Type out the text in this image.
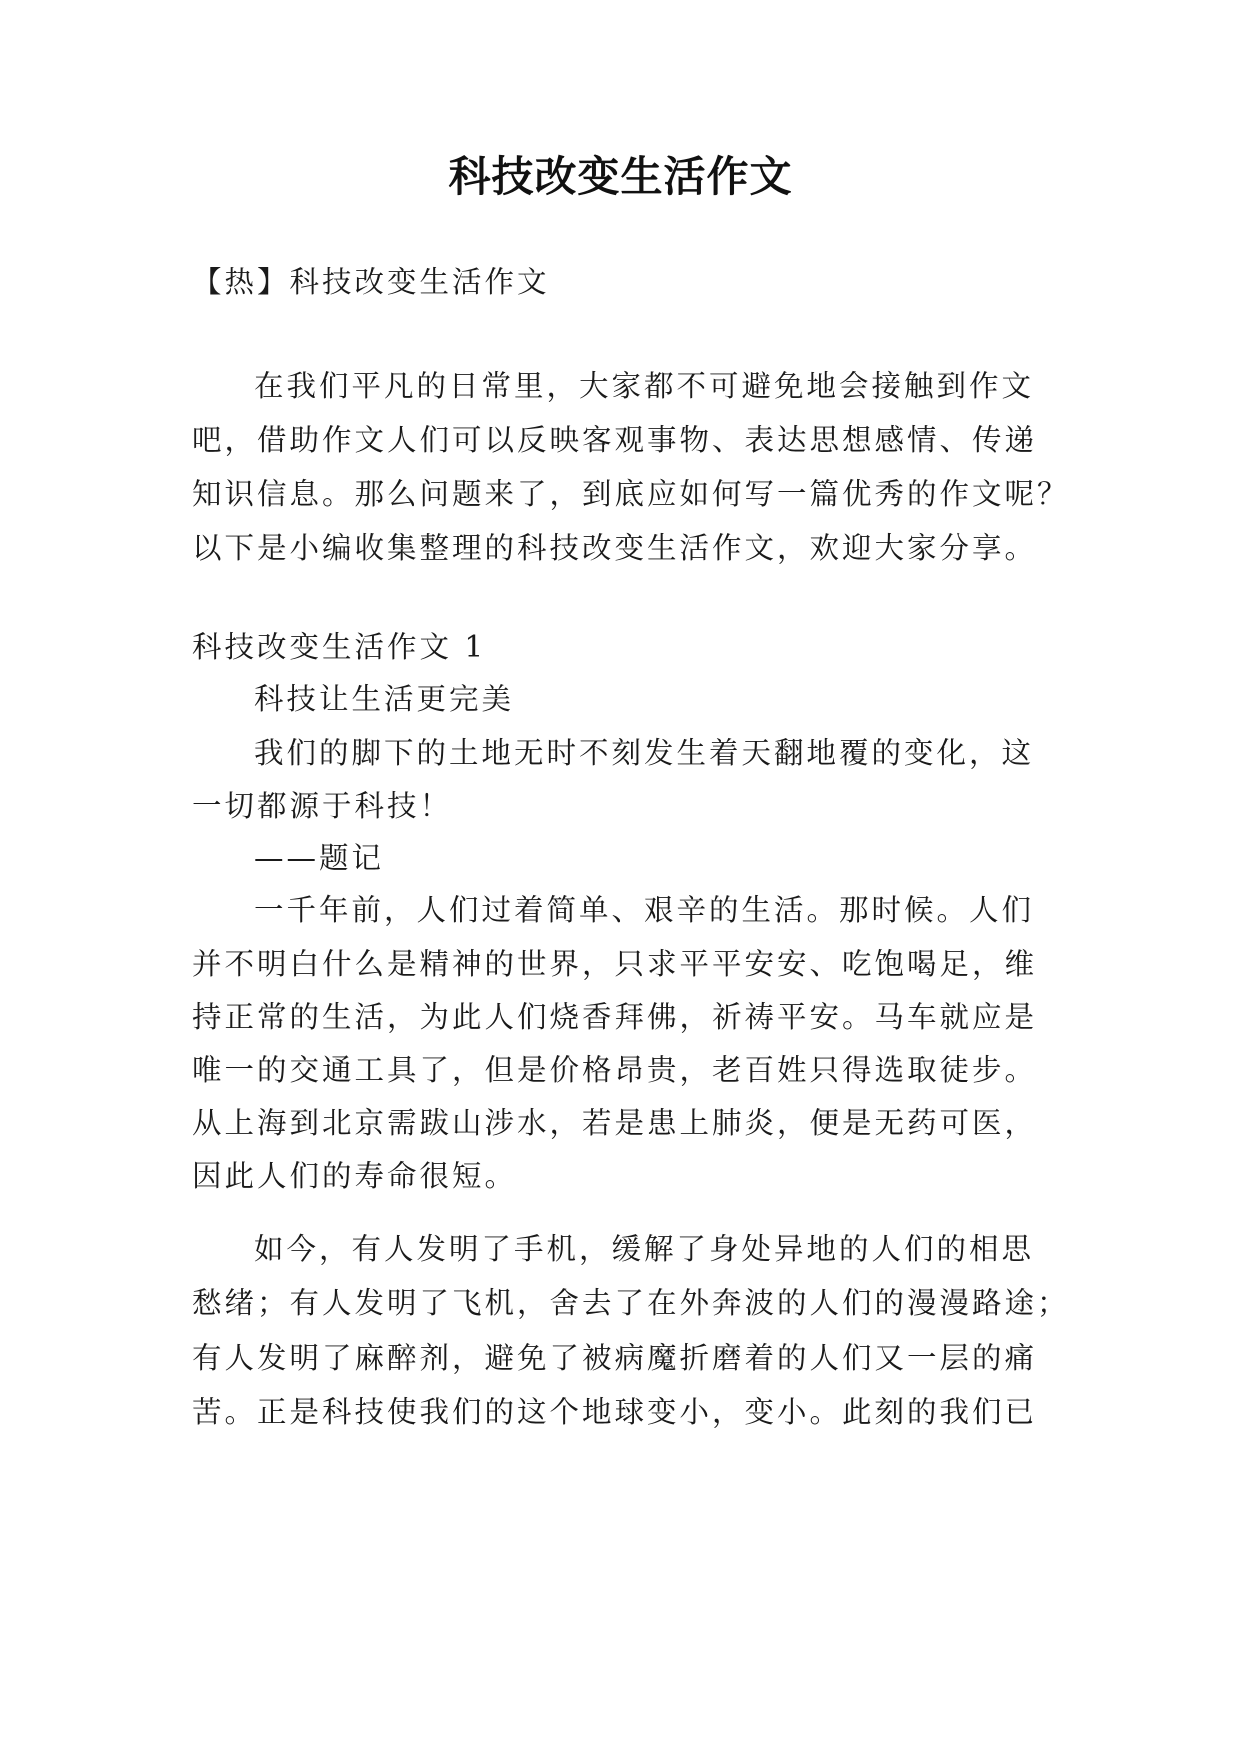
科技改变生活作文
【热】科技改变生活作文
在我们平凡的日常里，大家都不可避免地会接触到作文
吧，借助作文人们可以反映客观事物、表达思想感情、传递
知识信息。那么问题来了，到底应如何写一篇优秀的作文呢？
以下是小编收集整理的科技改变生活作文，欢迎大家分享。
科技改变生活作文 1
科技让生活更完美
我们的脚下的土地无时不刻发生着天翻地覆的变化，这
一切都源于科技！
——题记
一千年前，人们过着简单、艰辛的生活。那时候。人们
并不明白什么是精神的世界，只求平平安安、吃饱喝足，维
持正常的生活，为此人们烧香拜佛，祈祷平安。马车就应是
唯一的交通工具了，但是价格昂贵，老百姓只得选取徒步。
从上海到北京需跋山涉水，若是患上肺炎，便是无药可医，
因此人们的寿命很短。
如今，有人发明了手机，缓解了身处异地的人们的相思
愁绪；有人发明了飞机，舍去了在外奔波的人们的漫漫路途；
有人发明了麻醉剂，避免了被病魔折磨着的人们又一层的痛
苦。正是科技使我们的这个地球变小，变小。此刻的我们已
